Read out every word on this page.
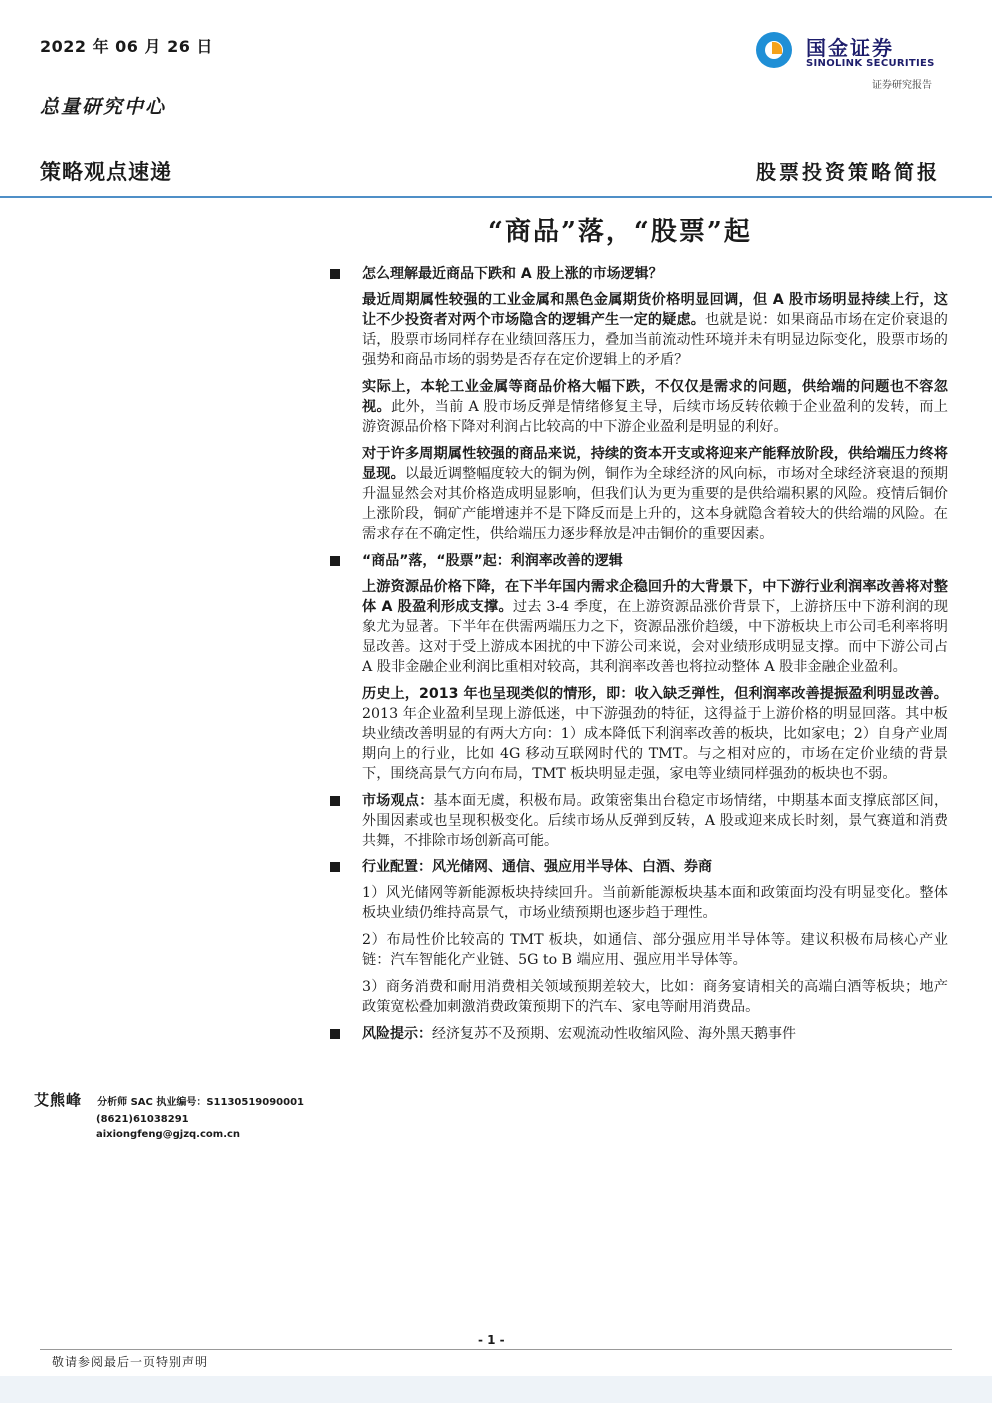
2022 年 06 月 26 日
总量研究中心
国金证券
SINOLINK SECURITIES
证券研究报告
策略观点速递	股票投资策略简报
“商品”落，“股票”起
怎么理解最近商品下跌和 A 股上涨的市场逻辑？
最近周期属性较强的工业金属和黑色金属期货价格明显回调，但 A 股市场明显持续上行，这让不少投资者对两个市场隐含的逻辑产生一定的疑虑。也就是说：如果商品市场在定价衰退的话，股票市场同样存在业绩回落压力，叠加当前流动性环境并未有明显边际变化，股票市场的强势和商品市场的弱势是否存在定价逻辑上的矛盾？
实际上，本轮工业金属等商品价格大幅下跌，不仅仅是需求的问题，供给端的问题也不容忽视。此外，当前 A 股市场反弹是情绪修复主导，后续市场反转依赖于企业盈利的发转，而上游资源品价格下降对利润占比较高的中下游企业盈利是明显的利好。
对于许多周期属性较强的商品来说，持续的资本开支或将迎来产能释放阶段，供给端压力终将显现。以最近调整幅度较大的铜为例，铜作为全球经济的风向标，市场对全球经济衰退的预期升温显然会对其价格造成明显影响，但我们认为更为重要的是供给端积累的风险。疫情后铜价上涨阶段，铜矿产能增速并不是下降反而是上升的，这本身就隐含着较大的供给端的风险。在需求存在不确定性，供给端压力逐步释放是冲击铜价的重要因素。
“商品”落，“股票”起：利润率改善的逻辑
上游资源品价格下降，在下半年国内需求企稳回升的大背景下，中下游行业利润率改善将对整体 A 股盈利形成支撑。过去 3-4 季度，在上游资源品涨价背景下，上游挤压中下游利润的现象尤为显著。下半年在供需两端压力之下，资源品涨价趋缓，中下游板块上市公司毛利率将明显改善。这对于受上游成本困扰的中下游公司来说，会对业绩形成明显支撑。而中下游公司占 A 股非金融企业利润比重相对较高，其利润率改善也将拉动整体 A 股非金融企业盈利。
历史上，2013 年也呈现类似的情形，即：收入缺乏弹性，但利润率改善提振盈利明显改善。2013 年企业盈利呈现上游低迷，中下游强劲的特征，这得益于上游价格的明显回落。其中板块业绩改善明显的有两大方向：1）成本降低下利润率改善的板块，比如家电；2）自身产业周期向上的行业，比如 4G 移动互联网时代的 TMT。与之相对应的，市场在定价业绩的背景下，围绕高景气方向布局，TMT 板块明显走强，家电等业绩同样强劲的板块也不弱。
市场观点：基本面无虞，积极布局。政策密集出台稳定市场情绪，中期基本面支撑底部区间，外围因素或也呈现积极变化。后续市场从反弹到反转，A 股或迎来成长时刻，景气赛道和消费共舞，不排除市场创新高可能。
行业配置：风光储网、通信、强应用半导体、白酒、券商
1）风光储网等新能源板块持续回升。当前新能源板块基本面和政策面均没有明显变化。整体板块业绩仍维持高景气，市场业绩预期也逐步趋于理性。
2）布局性价比较高的 TMT 板块，如通信、部分强应用半导体等。建议积极布局核心产业链：汽车智能化产业链、5G to B 端应用、强应用半导体等。
3）商务消费和耐用消费相关领域预期差较大，比如：商务宴请相关的高端白酒等板块；地产政策宽松叠加刺激消费政策预期下的汽车、家电等耐用消费品。
风险提示：经济复苏不及预期、宏观流动性收缩风险、海外黑天鹅事件
艾熊峰 分析师 SAC 执业编号：S1130519090001
(8621)61038291
aixiongfeng@gjzq.com.cn
- 1 -
敬请参阅最后一页特别声明
